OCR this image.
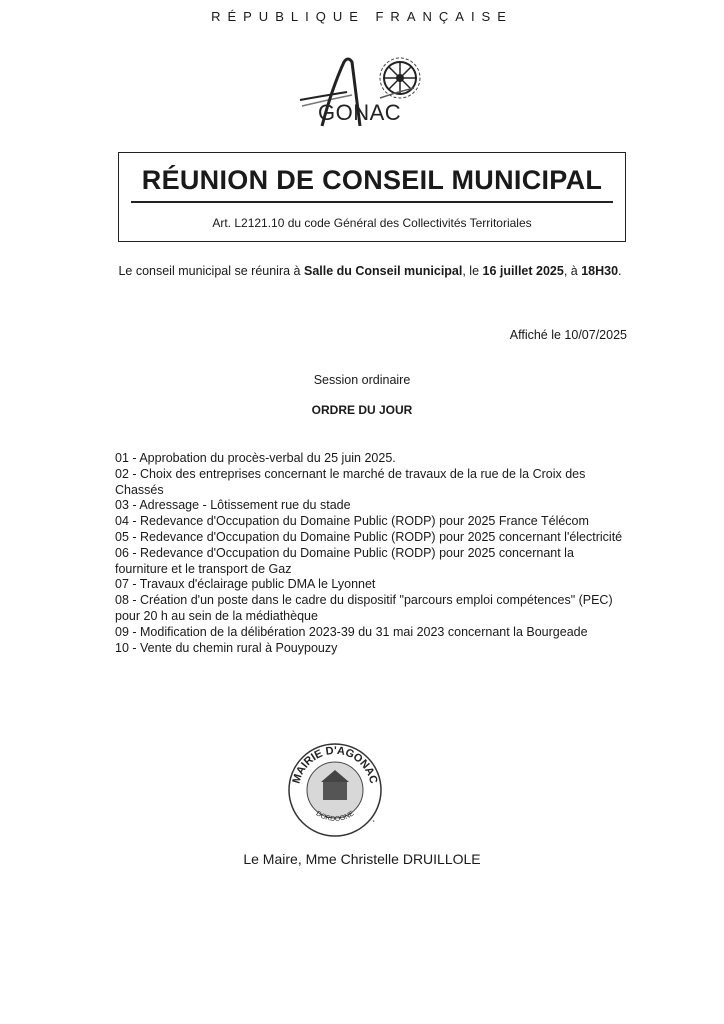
RÉPUBLIQUE FRANÇAISE
GONAC
RÉUNION DE CONSEIL MUNICIPAL
Art. L2121.10 du code Général des Collectivités Territoriales
Le conseil municipal se réunira à Salle du Conseil municipal, le 16 juillet 2025, à 18H30.
Affiché le 10/07/2025
Session ordinaire
ORDRE DU JOUR
01 - Approbation du procès-verbal du 25 juin 2025.
02 - Choix des entreprises concernant le marché de travaux de la rue de la Croix des Chassés
03 - Adressage - Lôtissement rue du stade
04 - Redevance d'Occupation du Domaine Public (RODP) pour 2025 France Télécom
05 - Redevance d'Occupation du Domaine Public (RODP) pour 2025 concernant l'électricité
06 - Redevance d'Occupation du Domaine Public (RODP) pour 2025 concernant la fourniture et le transport de Gaz
07 - Travaux d'éclairage public DMA le Lyonnet
08 - Création d'un poste dans le cadre du dispositif "parcours emploi compétences" (PEC) pour 20 h au sein de la médiathèque
09 - Modification de la délibération 2023-39 du 31 mai 2023 concernant la Bourgeade
10 - Vente du chemin rural à Pouypouzy
MAIRIE D'AGONAC
DORDOGNE
ˋ
Le Maire, Mme Christelle DRUILLOLE
